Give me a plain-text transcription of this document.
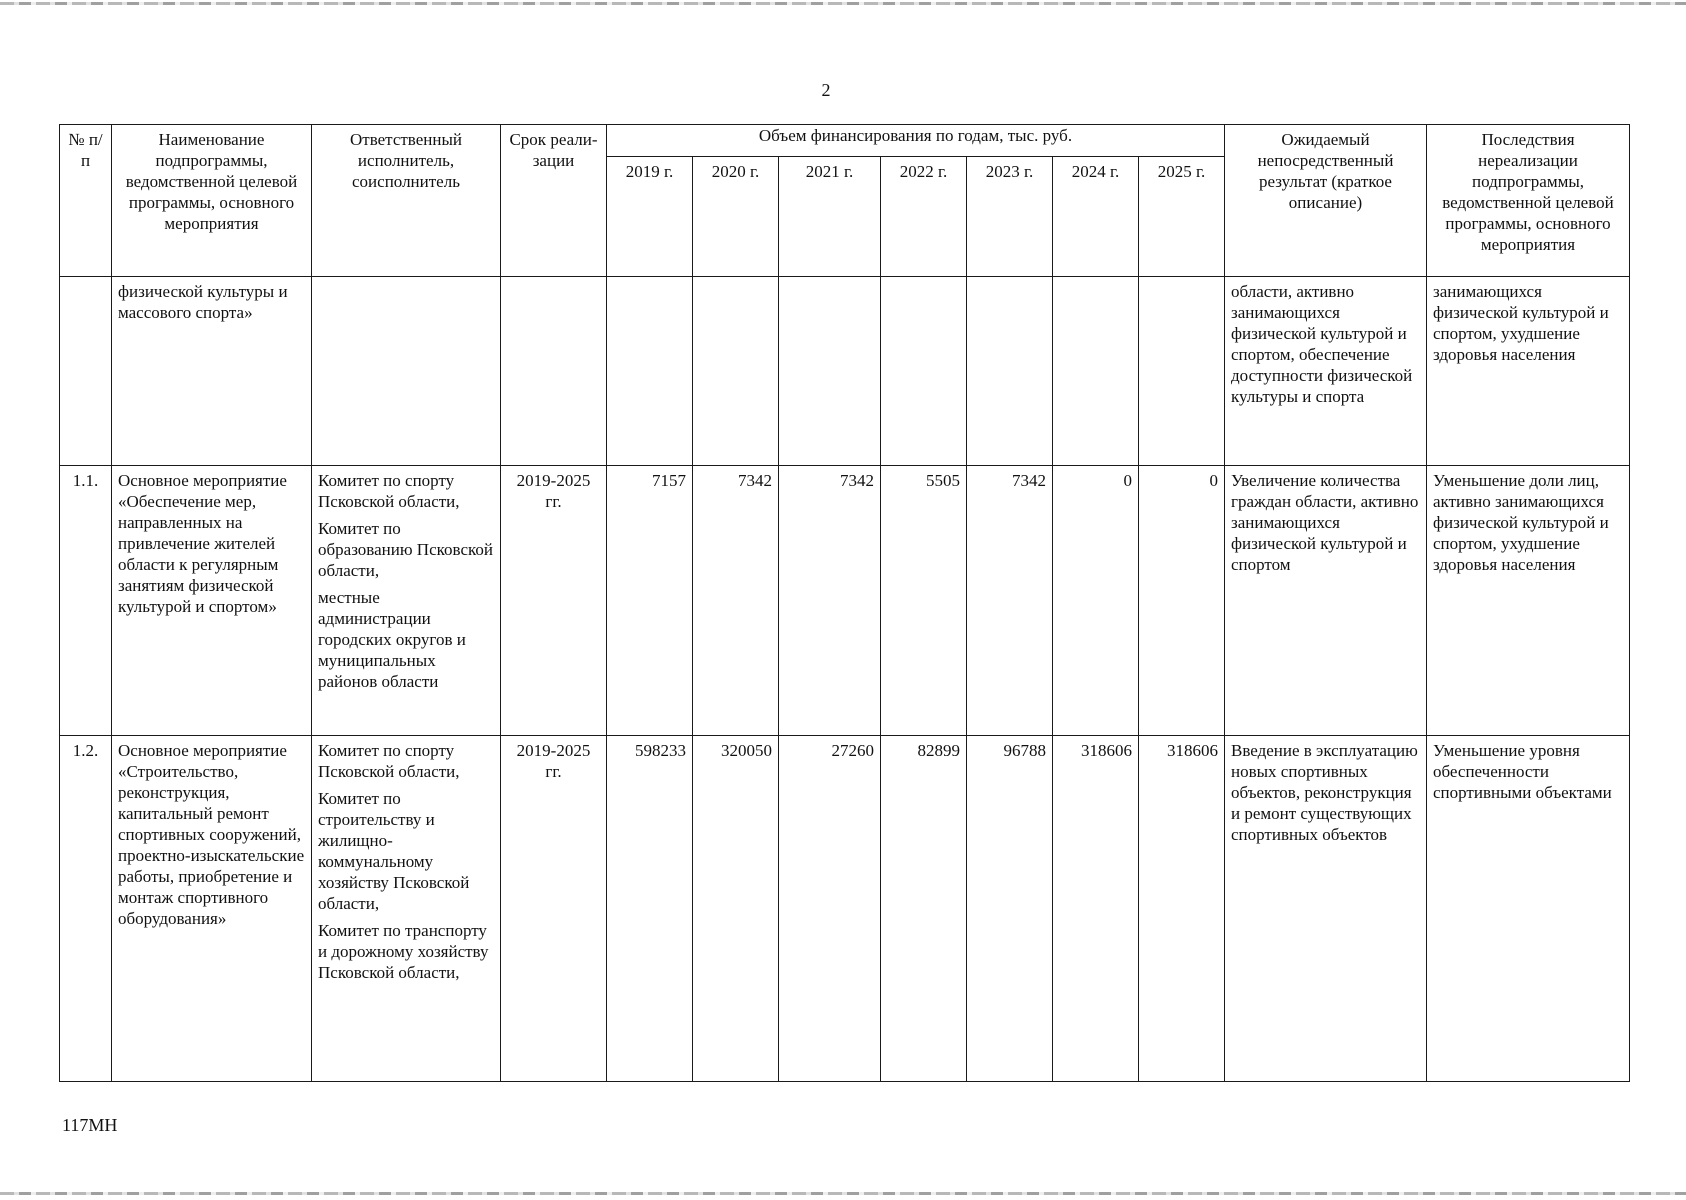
2
№ п/п	Наименование подпрограммы, ведомственной целевой программы, основного мероприятия	Ответственный исполнитель, соисполнитель	Срок реали- зации	Объем финансирования по годам, тыс. руб.							Ожидаемый непосредственный результат (краткое описание)	Последствия нереализации подпрограммы, ведомственной целевой программы, основного мероприятия
				2019 г.	2020 г.	2021 г.	2022 г.	2023 г.	2024 г.	2025 г.		
	физической культуры и массового спорта»										области, активно занимающихся физической культурой и спортом, обеспечение доступности физической культуры и спорта	занимающихся физической культурой и спортом, ухудшение здоровья населения
1.1.	Основное мероприятие «Обеспечение мер, направленных на привлечение жителей области к регулярным занятиям физической культурой и спортом»	Комитет по спорту Псковской области,
Комитет по образованию Псковской области,
местные администрации городских округов и муниципальных районов области	2019-2025 гг.	7157	7342	7342	5505	7342	0	0	Увеличение количества граждан области, активно занимающихся физической культурой и спортом	Уменьшение доли лиц, активно занимающихся физической культурой и спортом, ухудшение здоровья населения
1.2.	Основное мероприятие «Строительство, реконструкция, капитальный ремонт спортивных сооружений, проектно-изыскательские работы, приобретение и монтаж спортивного оборудования»	Комитет по спорту Псковской области,
Комитет по строительству и жилищно-коммунальному хозяйству Псковской области,
Комитет по транспорту и дорожному хозяйству Псковской области,	2019-2025 гг.	598233	320050	27260	82899	96788	318606	318606	Введение в эксплуатацию новых спортивных объектов, реконструкция и ремонт существующих спортивных объектов	Уменьшение уровня обеспеченности спортивными объектами
117МН
